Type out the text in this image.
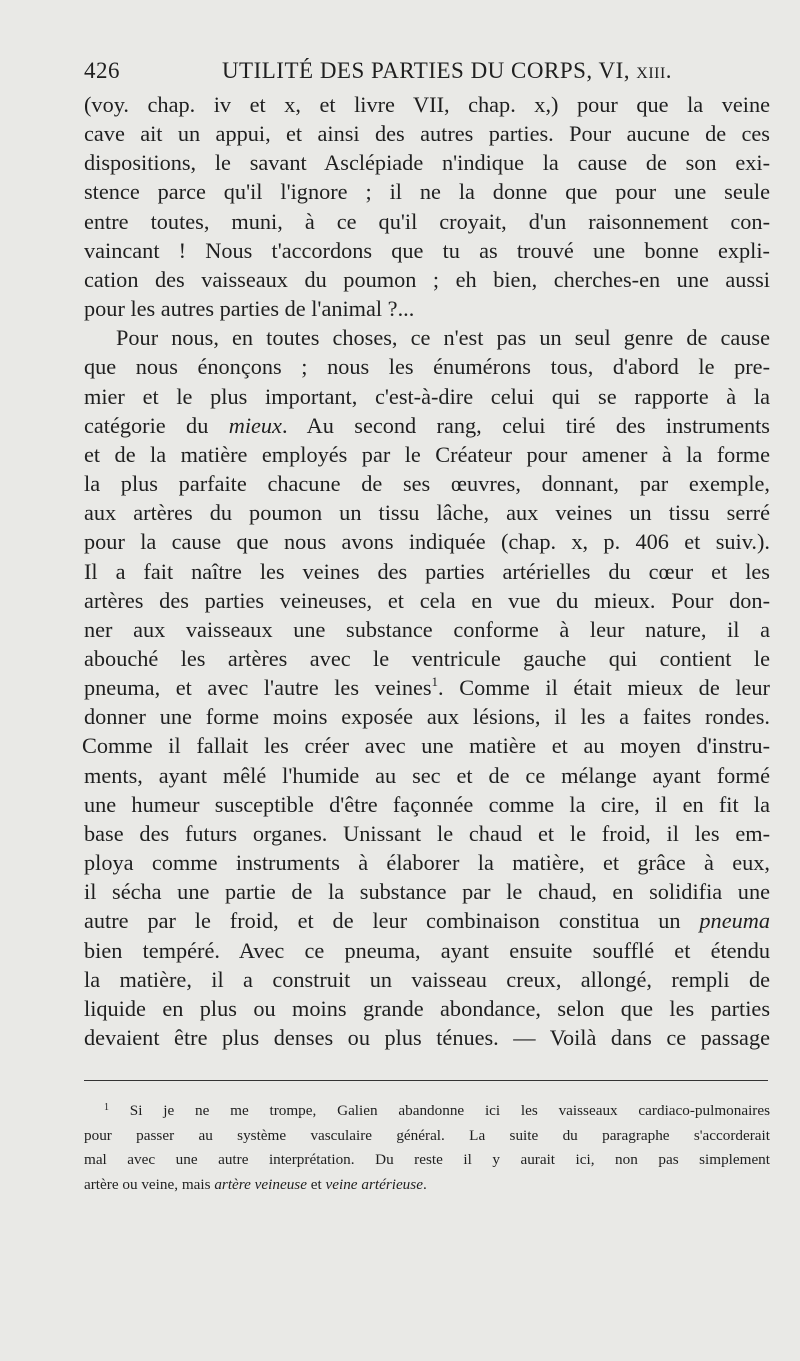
426	UTILITÉ DES PARTIES DU CORPS, VI, xiii.
(voy. chap. iv et x, et livre VII, chap. x,) pour que la veine
cave ait un appui, et ainsi des autres parties. Pour aucune de ces
dispositions, le savant Asclépiade n'indique la cause de son exi-
stence parce qu'il l'ignore ; il ne la donne que pour une seule
entre toutes, muni, à ce qu'il croyait, d'un raisonnement con-
vaincant ! Nous t'accordons que tu as trouvé une bonne expli-
cation des vaisseaux du poumon ; eh bien, cherches-en une aussi
pour les autres parties de l'animal ?...
Pour nous, en toutes choses, ce n'est pas un seul genre de cause
que nous énonçons ; nous les énumérons tous, d'abord le pre-
mier et le plus important, c'est-à-dire celui qui se rapporte à la
catégorie du mieux. Au second rang, celui tiré des instruments
et de la matière employés par le Créateur pour amener à la forme
la plus parfaite chacune de ses œuvres, donnant, par exemple,
aux artères du poumon un tissu lâche, aux veines un tissu serré
pour la cause que nous avons indiquée (chap. x, p. 406 et suiv.).
Il a fait naître les veines des parties artérielles du cœur et les
artères des parties veineuses, et cela en vue du mieux. Pour don-
ner aux vaisseaux une substance conforme à leur nature, il a
abouché les artères avec le ventricule gauche qui contient le
pneuma, et avec l'autre les veines$^1$. Comme il était mieux de leur
donner une forme moins exposée aux lésions, il les a faites rondes.
Comme il fallait les créer avec une matière et au moyen d'instru-
ments, ayant mêlé l'humide au sec et de ce mélange ayant formé
une humeur susceptible d'être façonnée comme la cire, il en fit la
base des futurs organes. Unissant le chaud et le froid, il les em-
ploya comme instruments à élaborer la matière, et grâce à eux,
il sécha une partie de la substance par le chaud, en solidifia une
autre par le froid, et de leur combinaison constitua un pneuma
bien tempéré. Avec ce pneuma, ayant ensuite soufflé et étendu
la matière, il a construit un vaisseau creux, allongé, rempli de
liquide en plus ou moins grande abondance, selon que les parties
devaient être plus denses ou plus ténues. — Voilà dans ce passage
$^1$ Si je ne me trompe, Galien abandonne ici les vaisseaux cardiaco-pulmonaires
pour passer au système vasculaire général. La suite du paragraphe s'accorderait
mal avec une autre interprétation. Du reste il y aurait ici, non pas simplement
artère ou veine, mais artère veineuse et veine artérieuse.
